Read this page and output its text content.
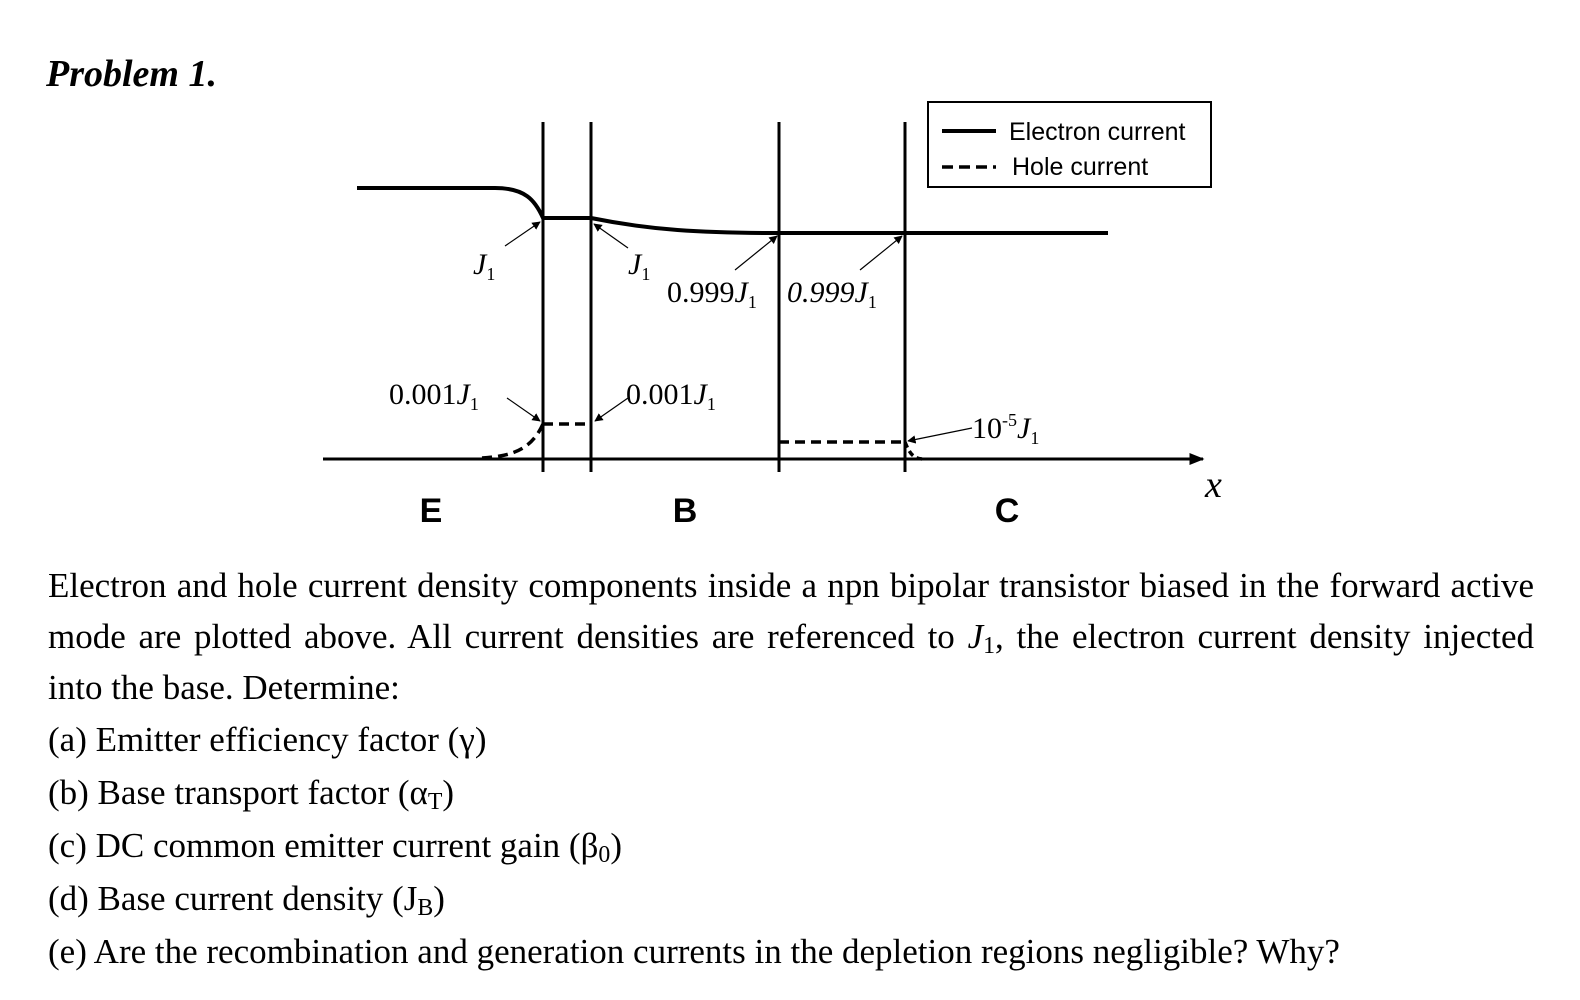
Problem 1.
$J_1$	$J_1$
$0.999J_1$ $0.999J_1$
$0.001J_1$	$0.001J_1$
$10^{-5}J_1$
E	B	C
x
Electron current
Hole current

Electron and hole current density components inside a npn bipolar transistor biased in the forward active mode are plotted above. All current densities are referenced to $J_1$, the electron current density injected into the base. Determine:

(a) Emitter efficiency factor (γ)
(b) Base transport factor $(\alpha_T)$
(c) DC common emitter current gain $(\beta_0)$
(d) Base current density $(J_B)$
(e) Are the recombination and generation currents in the depletion regions negligible? Why?
